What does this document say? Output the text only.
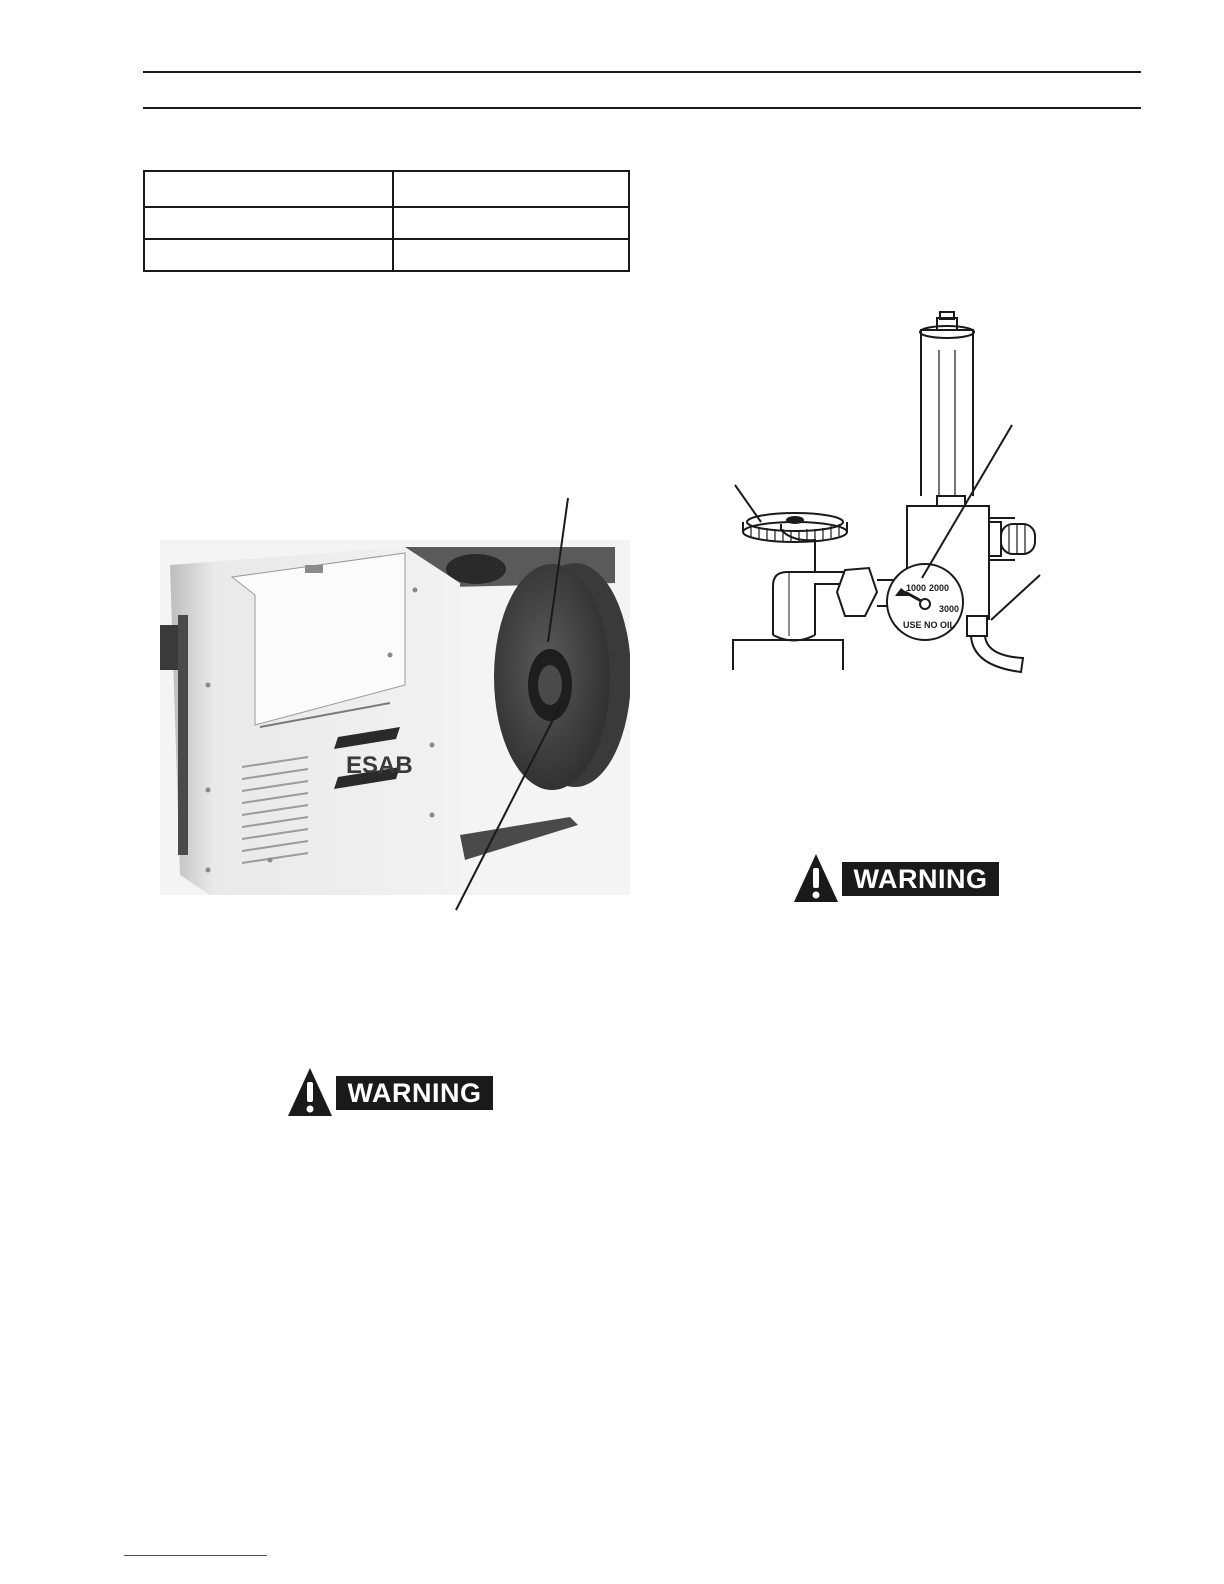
ESAB
1000 2000
3000
USE NO OIL
WARNING
WARNING
